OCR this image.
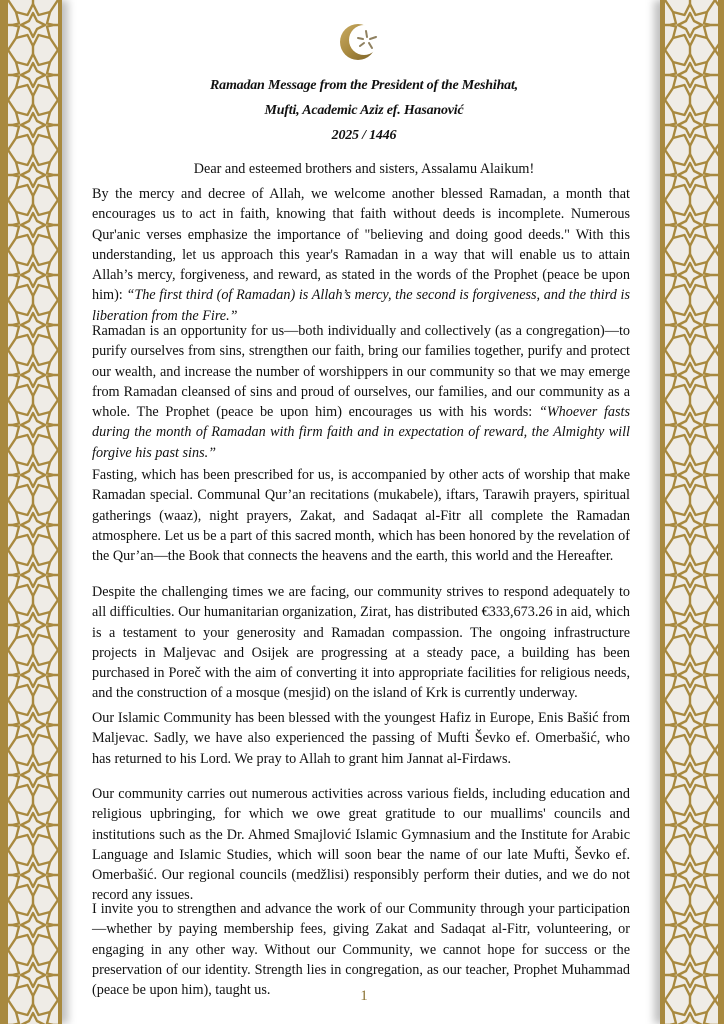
Ramadan Message from the President of the Meshihat,
Mufti, Academic Aziz ef. Hasanović
2025 / 1446
Dear and esteemed brothers and sisters, Assalamu Alaikum!

By the mercy and decree of Allah, we welcome another blessed Ramadan, a month that encourages us to act in faith, knowing that faith without deeds is incomplete. Numerous Qur'anic verses emphasize the importance of "believing and doing good deeds." With this understanding, let us approach this year's Ramadan in a way that will enable us to attain Allah’s mercy, forgiveness, and reward, as stated in the words of the Prophet (peace be upon him): “The first third (of Ramadan) is Allah’s mercy, the second is forgiveness, and the third is liberation from the Fire.”

Ramadan is an opportunity for us—both individually and collectively (as a congregation)—to purify ourselves from sins, strengthen our faith, bring our families together, purify and protect our wealth, and increase the number of worshippers in our community so that we may emerge from Ramadan cleansed of sins and proud of ourselves, our families, and our community as a whole. The Prophet (peace be upon him) encourages us with his words: “Whoever fasts during the month of Ramadan with firm faith and in expectation of reward, the Almighty will forgive his past sins.”

Fasting, which has been prescribed for us, is accompanied by other acts of worship that make Ramadan special. Communal Qur’an recitations (mukabele), iftars, Tarawih prayers, spiritual gatherings (waaz), night prayers, Zakat, and Sadaqat al-Fitr all complete the Ramadan atmosphere. Let us be a part of this sacred month, which has been honored by the revelation of the Qur’an—the Book that connects the heavens and the earth, this world and the Hereafter.

Despite the challenging times we are facing, our community strives to respond adequately to all difficulties. Our humanitarian organization, Zirat, has distributed €333,673.26 in aid, which is a testament to your generosity and Ramadan compassion. The ongoing infrastructure projects in Maljevac and Osijek are progressing at a steady pace, a building has been purchased in Poreč with the aim of converting it into appropriate facilities for religious needs, and the construction of a mosque (mesjid) on the island of Krk is currently underway.

Our Islamic Community has been blessed with the youngest Hafiz in Europe, Enis Bašić from Maljevac. Sadly, we have also experienced the passing of Mufti Ševko ef. Omerbašić, who has returned to his Lord. We pray to Allah to grant him Jannat al-Firdaws.

Our community carries out numerous activities across various fields, including education and religious upbringing, for which we owe great gratitude to our muallims' councils and institutions such as the Dr. Ahmed Smajlović Islamic Gymnasium and the Institute for Arabic Language and Islamic Studies, which will soon bear the name of our late Mufti, Ševko ef. Omerbašić. Our regional councils (medžlisi) responsibly perform their duties, and we do not record any issues.

I invite you to strengthen and advance the work of our Community through your participation—whether by paying membership fees, giving Zakat and Sadaqat al-Fitr, volunteering, or engaging in any other way. Without our Community, we cannot hope for success or the preservation of our identity. Strength lies in congregation, as our teacher, Prophet Muhammad (peace be upon him), taught us.	1
